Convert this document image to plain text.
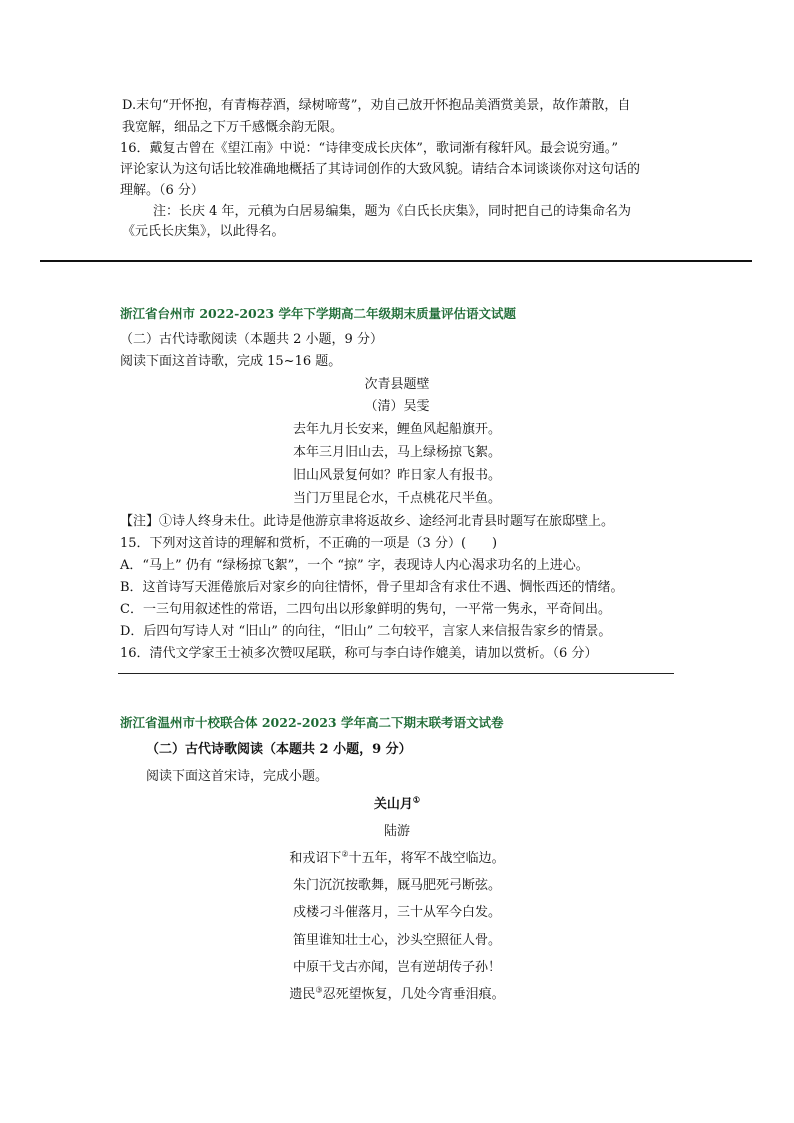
D.末句“开怀抱，有青梅荐酒，绿树啼莺”，劝自己放开怀抱品美酒赏美景，故作萧散，自
我宽解，细品之下万千感慨余韵无限。
16．戴复古曾在《望江南》中说：“诗律变成长庆体”，歌词渐有稼轩风。最会说穷通。”
评论家认为这句话比较准确地概括了其诗词创作的大致风貌。请结合本词谈谈你对这句话的
理解。（6 分）
注：长庆 4 年，元稹为白居易编集，题为《白氏长庆集》，同时把自己的诗集命名为
《元氏长庆集》，以此得名。
浙江省台州市 2022-2023 学年下学期高二年级期末质量评估语文试题
（二）古代诗歌阅读（本题共 2 小题，9 分）
阅读下面这首诗歌，完成 15~16 题。
次青县题壁
（清）吴雯
去年九月长安来，鲤鱼风起船旗开。
本年三月旧山去，马上绿杨掠飞絮。
旧山风景复何如？昨日家人有报书。
当门万里昆仑水，千点桃花尺半鱼。
【注】①诗人终身未仕。此诗是他游京聿将返故乡、途经河北青县时题写在旅邸壁上。
15．下列对这首诗的理解和赏析，不正确的一项是（3 分）(　　)
A．“马上” 仍有 “绿杨掠飞絮”，一个 “掠” 字，表现诗人内心渴求功名的上进心。
B．这首诗写天涯倦旅后对家乡的向往情怀，骨子里却含有求仕不遇、惆怅西还的情绪。
C．一三句用叙述性的常语，二四句出以形象鲜明的隽句，一平常一隽永，平奇间出。
D．后四句写诗人对 “旧山” 的向往，“旧山” 二句较平，言家人来信报告家乡的情景。
16．清代文学家王士祯多次赞叹尾联，称可与李白诗作媲美，请加以赏析。（6 分）
浙江省温州市十校联合体 2022-2023 学年高二下期末联考语文试卷
（二）古代诗歌阅读（本题共 2 小题，9 分）
阅读下面这首宋诗，完成小题。
关山月①
陆游
和戎诏下②十五年，将军不战空临边。
朱门沉沉按歌舞，厩马肥死弓断弦。
戍楼刁斗催落月，三十从军今白发。
笛里谁知壮士心，沙头空照征人骨。
中原干戈古亦闻，岂有逆胡传子孙！
遗民③忍死望恢复，几处今宵垂泪痕。
